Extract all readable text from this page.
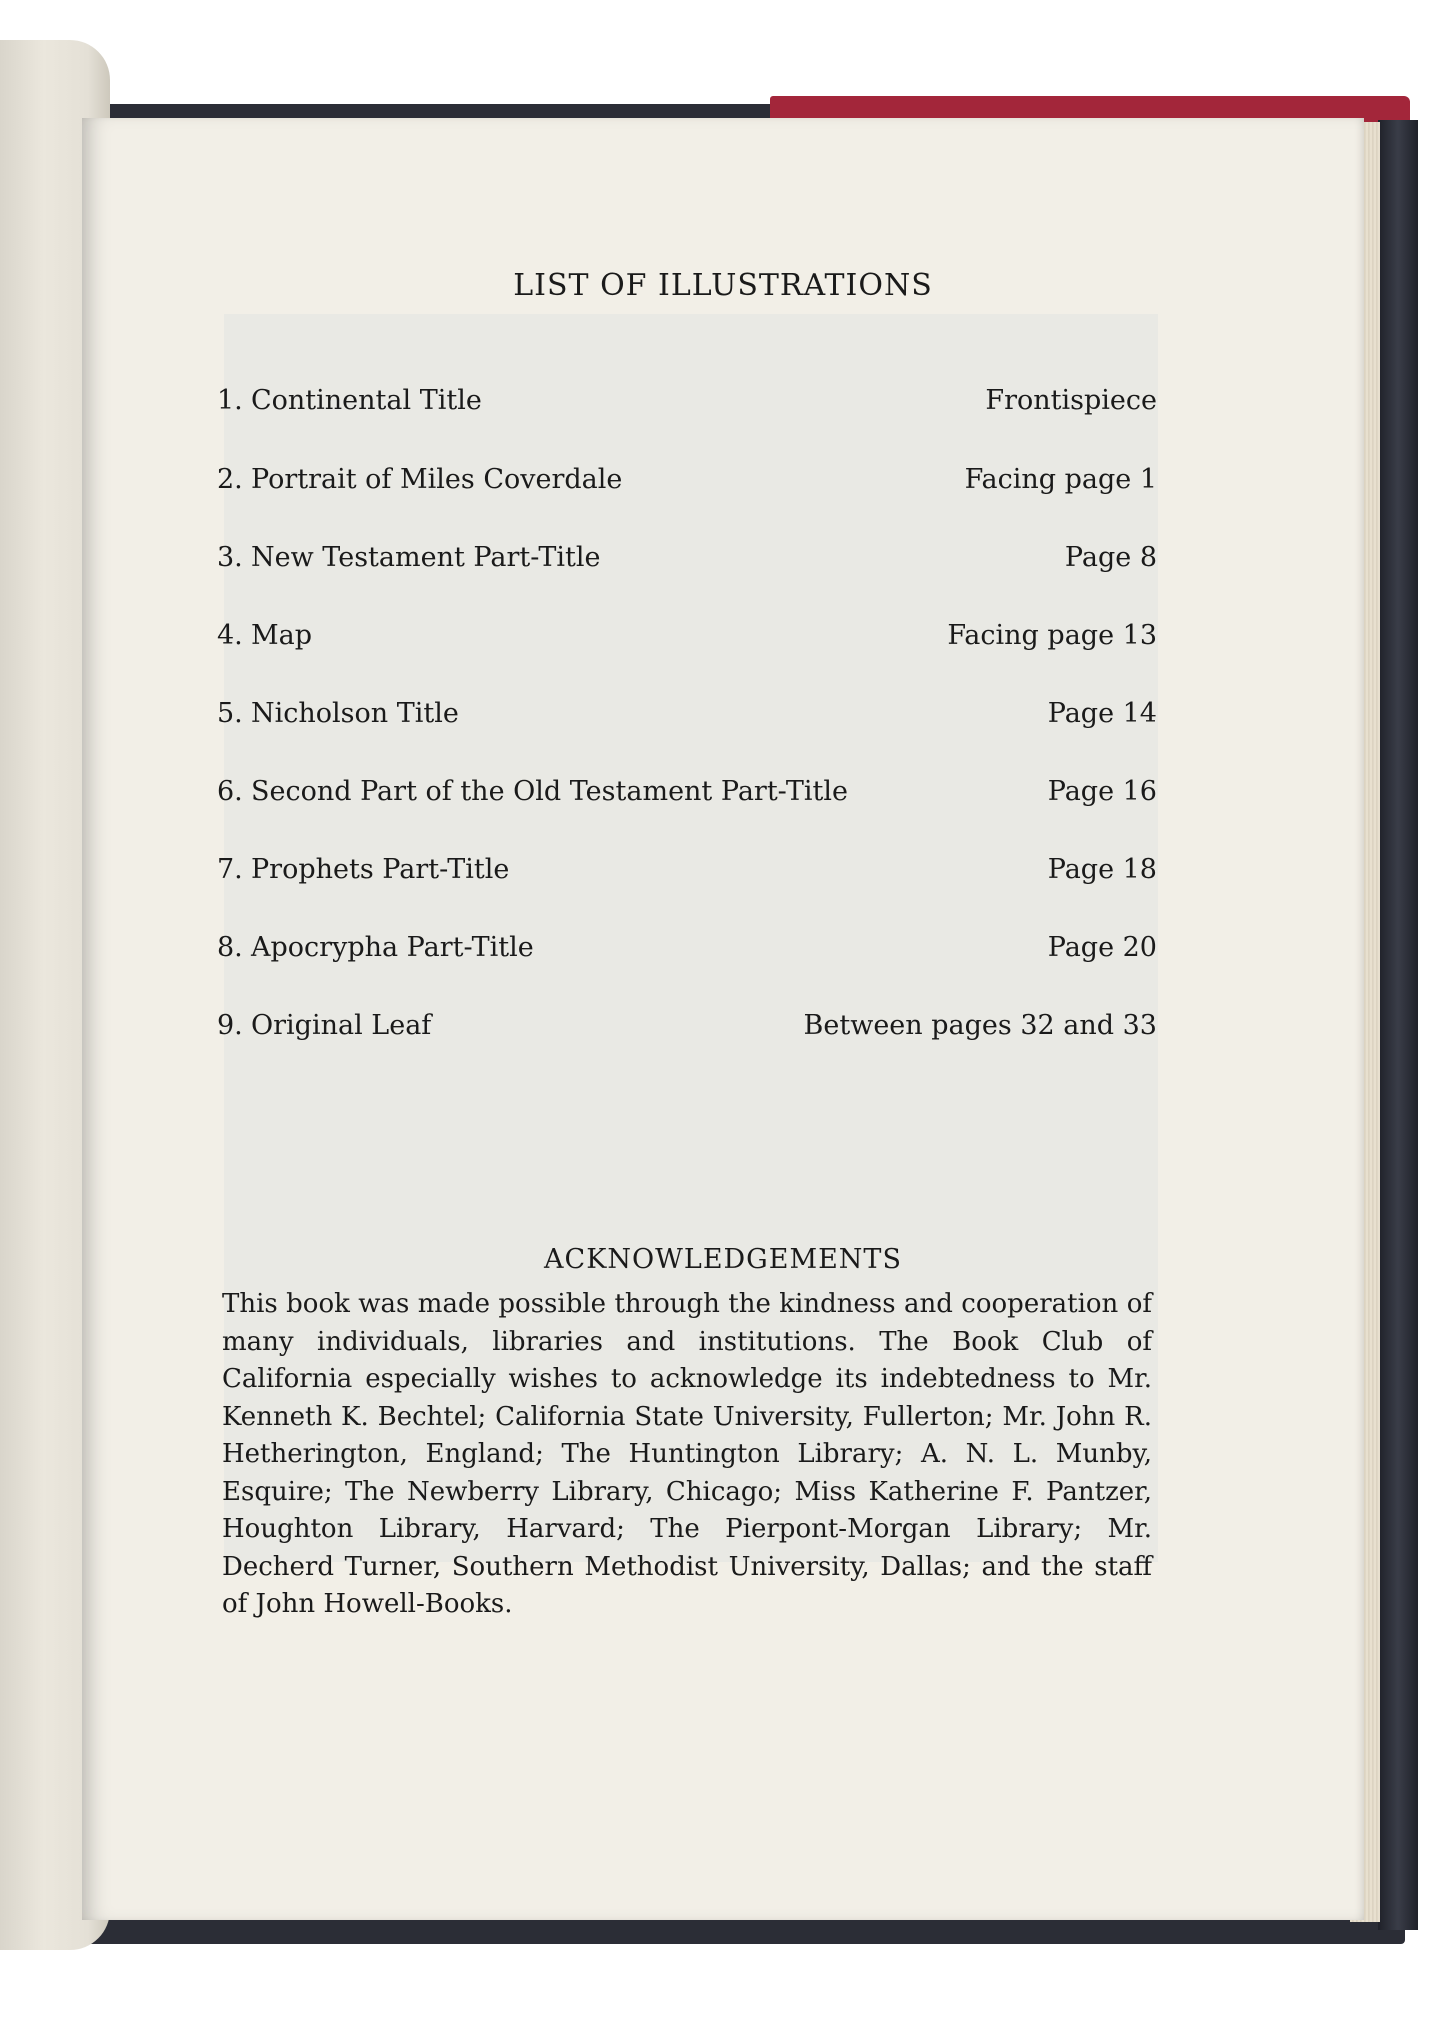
LIST OF ILLUSTRATIONS
1. Continental Title	Frontispiece
2. Portrait of Miles Coverdale	Facing page 1
3. New Testament Part-Title	Page 8
4. Map	Facing page 13
5. Nicholson Title	Page 14
6. Second Part of the Old Testament Part-Title	Page 16
7. Prophets Part-Title	Page 18
8. Apocrypha Part-Title	Page 20
9. Original Leaf	Between pages 32 and 33
ACKNOWLEDGEMENTS

This book was made possible through the kindness and cooperation of many individuals, libraries and institutions. The Book Club of California especially wishes to acknowledge its indebtedness to Mr. Kenneth K. Bechtel; California State University, Fullerton; Mr. John R. Hetherington, England; The Huntington Library; A. N. L. Munby, Esquire; The Newberry Library, Chicago; Miss Katherine F. Pantzer, Houghton Library, Harvard; The Pierpont-Morgan Library; Mr. Decherd Turner, Southern Methodist University, Dallas; and the staff of John Howell-Books.
